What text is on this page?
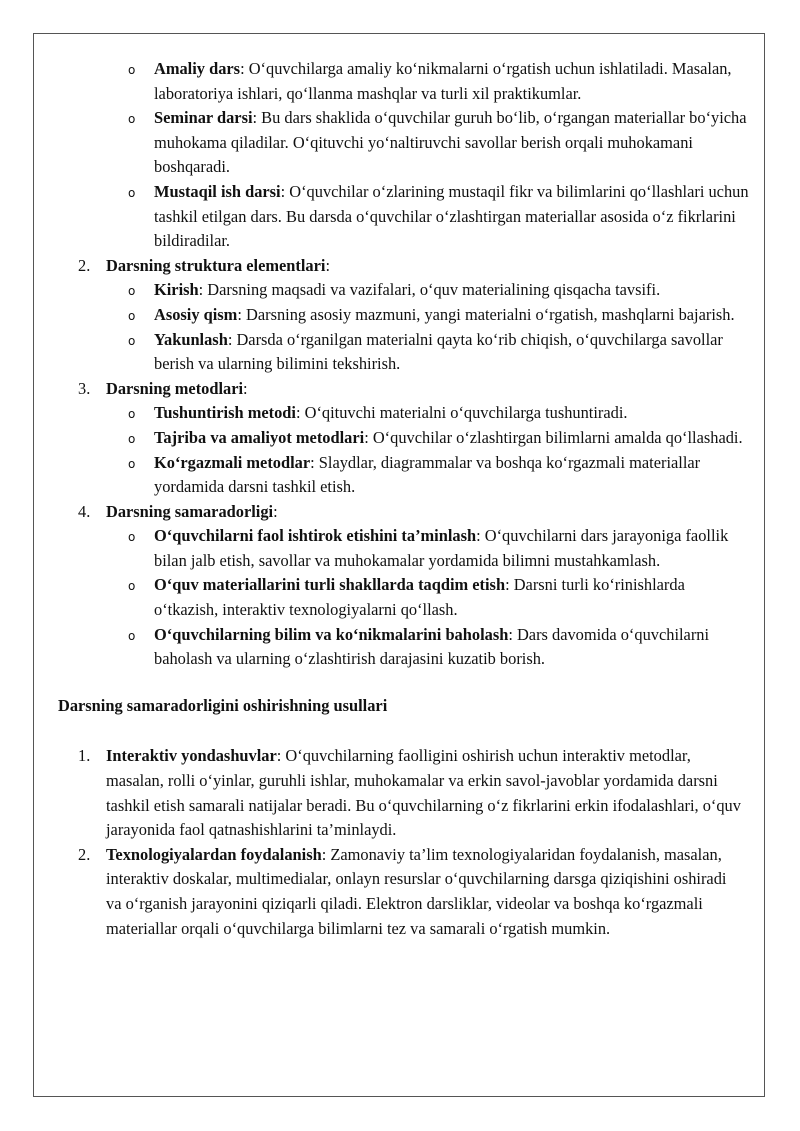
o Amaliy dars: O‘quvchilarga amaliy ko‘nikmalarni o‘rgatish uchun ishlatiladi. Masalan, laboratoriya ishlari, qo‘llanma mashqlar va turli xil praktikumlar.
o Seminar darsi: Bu dars shaklida o‘quvchilar guruh bo‘lib, o‘rgangan materiallar bo‘yicha muhokama qiladilar. O‘qituvchi yo‘naltiruvchi savollar berish orqali muhokamani boshqaradi.
o Mustaqil ish darsi: O‘quvchilar o‘zlarining mustaqil fikr va bilimlarini qo‘llashlari uchun tashkil etilgan dars. Bu darsda o‘quvchilar o‘zlashtirgan materiallar asosida o‘z fikrlarini bildiradilar.
2. Darsning struktura elementlari:
o Kirish: Darsning maqsadi va vazifalari, o‘quv materialining qisqacha tavsifi.
o Asosiy qism: Darsning asosiy mazmuni, yangi materialni o‘rgatish, mashqlarni bajarish.
o Yakunlash: Darsda o‘rganilgan materialni qayta ko‘rib chiqish, o‘quvchilarga savollar berish va ularning bilimini tekshirish.
3. Darsning metodlari:
o Tushuntirish metodi: O‘qituvchi materialni o‘quvchilarga tushuntiradi.
o Tajriba va amaliyot metodlari: O‘quvchilar o‘zlashtirgan bilimlarni amalda qo‘llashadi.
o Ko‘rgazmali metodlar: Slaydlar, diagrammalar va boshqa ko‘rgazmali materiallar yordamida darsni tashkil etish.
4. Darsning samaradorligi:
o O‘quvchilarni faol ishtirok etishini ta’minlash: O‘quvchilarni dars jarayoniga faollik bilan jalb etish, savollar va muhokamalar yordamida bilimni mustahkamlash.
o O‘quv materiallarini turli shakllarda taqdim etish: Darsni turli ko‘rinishlarda o‘tkazish, interaktiv texnologiyalarni qo‘llash.
o O‘quvchilarning bilim va ko‘nikmalarini baholash: Dars davomida o‘quvchilarni baholash va ularning o‘zlashtirish darajasini kuzatib borish.
Darsning samaradorligini oshirishning usullari
1. Interaktiv yondashuvlar: O‘quvchilarning faolligini oshirish uchun interaktiv metodlar, masalan, rolli o‘yinlar, guruhli ishlar, muhokamalar va erkin savol-javoblar yordamida darsni tashkil etish samarali natijalar beradi. Bu o‘quvchilarning o‘z fikrlarini erkin ifodalashlari, o‘quv jarayonida faol qatnashishlarini ta’minlaydi.
2. Texnologiyalardan foydalanish: Zamonaviy ta’lim texnologiyalaridan foydalanish, masalan, interaktiv doskalar, multimedialar, onlayn resurslar o‘quvchilarning darsga qiziqishini oshiradi va o‘rganish jarayonini qiziqarli qiladi. Elektron darsliklar, videolar va boshqa ko‘rgazmali materiallar orqali o‘quvchilarga bilimlarni tez va samarali o‘rgatish mumkin.
